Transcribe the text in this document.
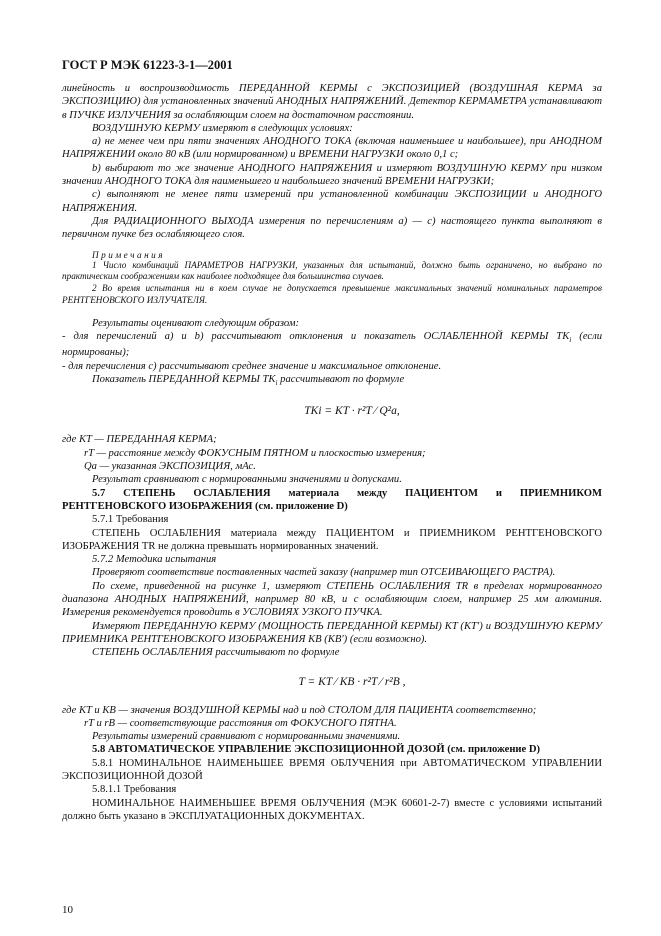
ГОСТ Р МЭК 61223-3-1—2001

линейность и воспроизводимость ПЕРЕДАННОЙ КЕРМЫ с ЭКСПОЗИЦИЕЙ (ВОЗДУШНАЯ КЕРМА за ЭКСПОЗИЦИЮ) для установленных значений АНОДНЫХ НАПРЯЖЕНИЙ. Детектор КЕРМАМЕТРА устанавливают в ПУЧКЕ ИЗЛУЧЕНИЯ за ослабляющим слоем на достаточном расстоянии.

ВОЗДУШНУЮ КЕРМУ измеряют в следующих условиях:

a) не менее чем при пяти значениях АНОДНОГО ТОКА (включая наименьшее и наибольшее), при АНОДНОМ НАПРЯЖЕНИИ около 80 кВ (или нормированном) и ВРЕМЕНИ НАГРУЗКИ около 0,1 с;

b) выбирают то же значение АНОДНОГО НАПРЯЖЕНИЯ и измеряют ВОЗДУШНУЮ КЕРМУ при низком значении АНОДНОГО ТОКА для наименьшего и наибольшего значений ВРЕМЕНИ НАГРУЗКИ;

c) выполняют не менее пяти измерений при установленной комбинации ЭКСПОЗИЦИИ и АНОДНОГО НАПРЯЖЕНИЯ.

Для РАДИАЦИОННОГО ВЫХОДА измерения по перечислениям a) — c) настоящего пункта выполняют в первичном пучке без ослабляющего слоя.

Примечания

1 Число комбинаций ПАРАМЕТРОВ НАГРУЗКИ, указанных для испытаний, должно быть ограничено, но выбрано по практическим соображениям как наиболее подходящее для большинства случаев.

2 Во время испытания ни в коем случае не допускается превышение максимальных значений номинальных параметров РЕНТГЕНОВСКОГО ИЗЛУЧАТЕЛЯ.

Результаты оценивают следующим образом:

- для перечислений a) и b) рассчитывают отклонения и показатель ОСЛАБЛЕННОЙ КЕРМЫ $TK_i$ (если нормированы);

- для перечисления c) рассчитывают среднее значение и максимальное отклонение.

Показатель ПЕРЕДАННОЙ КЕРМЫ $TK_i$ рассчитывают по формуле

TKi = KT · r²T ⁄ Q²a,

где KT — ПЕРЕДАННАЯ КЕРМА;

rT — расстояние между ФОКУСНЫМ ПЯТНОМ и плоскостью измерения;

Qa — указанная ЭКСПОЗИЦИЯ, мАс.

Результат сравнивают с нормированными значениями и допусками.

5.7 СТЕПЕНЬ ОСЛАБЛЕНИЯ материала между ПАЦИЕНТОМ и ПРИЕМНИКОМ РЕНТГЕНОВСКОГО ИЗОБРАЖЕНИЯ (см. приложение D)

5.7.1 Требования

СТЕПЕНЬ ОСЛАБЛЕНИЯ материала между ПАЦИЕНТОМ и ПРИЕМНИКОМ РЕНТГЕНОВСКОГО ИЗОБРАЖЕНИЯ TR не должна превышать нормированных значений.

5.7.2 Методика испытания

Проверяют соответствие поставленных частей заказу (например тип ОТСЕИВАЮЩЕГО РАСТРА).

По схеме, приведенной на рисунке 1, измеряют СТЕПЕНЬ ОСЛАБЛЕНИЯ TR в пределах нормированного диапазона АНОДНЫХ НАПРЯЖЕНИЙ, например 80 кВ, и с ослабляющим слоем, например 25 мм алюминия. Измерения рекомендуется проводить в УСЛОВИЯХ УЗКОГО ПУЧКА.

Измеряют ПЕРЕДАННУЮ КЕРМУ (МОЩНОСТЬ ПЕРЕДАННОЙ КЕРМЫ) KT (KT′) и ВОЗДУШНУЮ КЕРМУ ПРИЕМНИКА РЕНТГЕНОВСКОГО ИЗОБРАЖЕНИЯ KB (KB′) (если возможно).

СТЕПЕНЬ ОСЛАБЛЕНИЯ рассчитывают по формуле

T = KT ⁄ KB · r²T ⁄ r²B ,

где KT и KB — значения ВОЗДУШНОЙ КЕРМЫ над и под СТОЛОМ ДЛЯ ПАЦИЕНТА соответственно;

rT и rB — соответствующие расстояния от ФОКУСНОГО ПЯТНА.

Результаты измерений сравнивают с нормированными значениями.

5.8 АВТОМАТИЧЕСКОЕ УПРАВЛЕНИЕ ЭКСПОЗИЦИОННОЙ ДОЗОЙ (см. приложение D)

5.8.1 НОМИНАЛЬНОЕ НАИМЕНЬШЕЕ ВРЕМЯ ОБЛУЧЕНИЯ при АВТОМАТИЧЕСКОМ УПРАВЛЕНИИ ЭКСПОЗИЦИОННОЙ ДОЗОЙ

5.8.1.1 Требования

НОМИНАЛЬНОЕ НАИМЕНЬШЕЕ ВРЕМЯ ОБЛУЧЕНИЯ (МЭК 60601-2-7) вместе с условиями испытаний должно быть указано в ЭКСПЛУАТАЦИОННЫХ ДОКУМЕНТАХ.

10
